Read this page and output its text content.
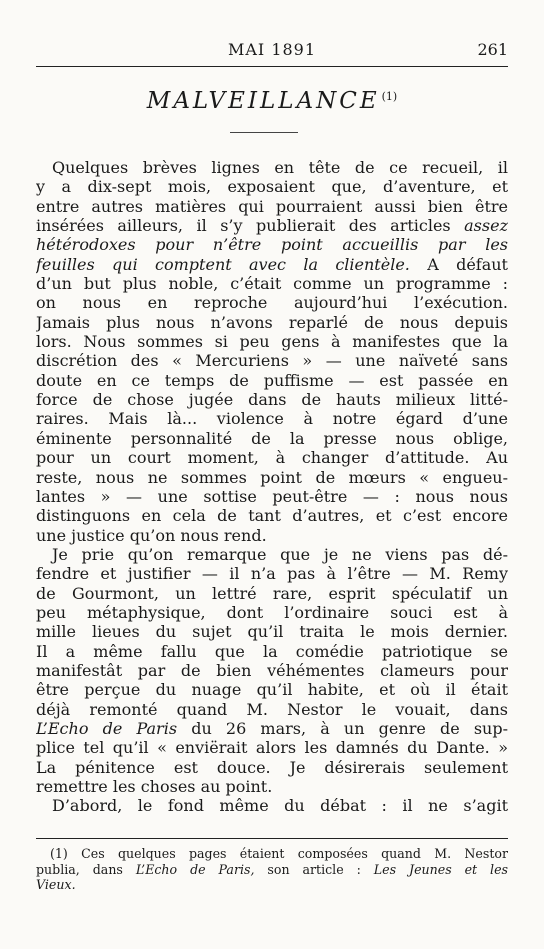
MAI 1891	261
MALVEILLANCE $^{(1)}$
Quelques brèves lignes en tête de ce recueil, il
y a dix-sept mois, exposaient que, d’aventure, et
entre autres matières qui pourraient aussi bien être
insérées ailleurs, il s’y publierait des articles assez
hétérodoxes pour n’être point accueillis par les
feuilles qui comptent avec la clientèle. A défaut
d’un but plus noble, c’était comme un programme :
on nous en reproche aujourd’hui l’exécution.
Jamais plus nous n’avons reparlé de nous depuis
lors. Nous sommes si peu gens à manifestes que la
discrétion des « Mercuriens » — une naïveté sans
doute en ce temps de puffisme — est passée en
force de chose jugée dans de hauts milieux litté-
raires. Mais là... violence à notre égard d’une
éminente personnalité de la presse nous oblige,
pour un court moment, à changer d’attitude. Au
reste, nous ne sommes point de mœurs « engueu-
lantes » — une sottise peut-être — : nous nous
distinguons en cela de tant d’autres, et c’est encore
une justice qu’on nous rend.
Je prie qu’on remarque que je ne viens pas dé-
fendre et justifier — il n’a pas à l’être — M. Remy
de Gourmont, un lettré rare, esprit spéculatif un
peu métaphysique, dont l’ordinaire souci est à
mille lieues du sujet qu’il traita le mois dernier.
Il a même fallu que la comédie patriotique se
manifestât par de bien véhémentes clameurs pour
être perçue du nuage qu’il habite, et où il était
déjà remonté quand M. Nestor le vouait, dans
L’Echo de Paris du 26 mars, à un genre de sup-
plice tel qu’il « enviërait alors les damnés du Dante. »
La pénitence est douce. Je désirerais seulement
remettre les choses au point.
D’abord, le fond même du débat : il ne s’agit
(1) Ces quelques pages étaient composées quand M. Nestor
publia, dans L’Echo de Paris, son article : Les Jeunes et les
Vieux.
